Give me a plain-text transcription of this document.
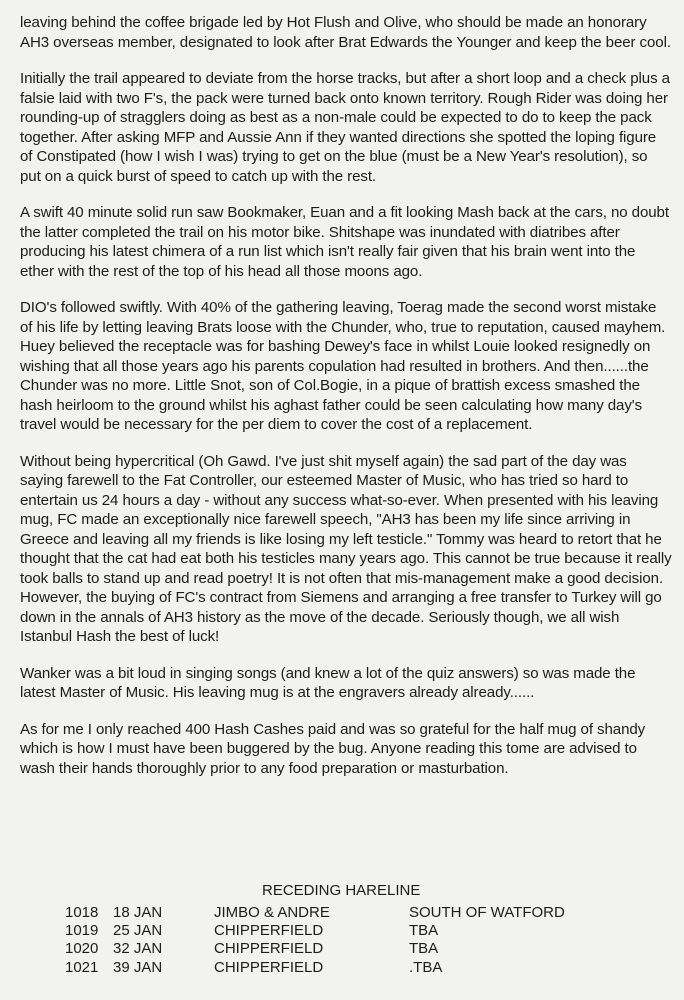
leaving behind the coffee brigade led by Hot Flush and Olive, who should be made an honorary AH3 overseas member, designated to look after Brat Edwards the Younger and keep the beer cool.

Initially the trail appeared to deviate from the horse tracks, but after a short loop and a check plus a falsie laid with two F's, the pack were turned back onto known territory. Rough Rider was doing her rounding-up of stragglers doing as best as a non-male could be expected to do to keep the pack together. After asking MFP and Aussie Ann if they wanted directions she spotted the loping figure of Constipated (how I wish I was) trying to get on the blue (must be a New Year's resolution), so put on a quick burst of speed to catch up with the rest.

A swift 40 minute solid run saw Bookmaker, Euan and a fit looking Mash back at the cars, no doubt the latter completed the trail on his motor bike. Shitshape was inundated with diatribes after producing his latest chimera of a run list which isn't really fair given that his brain went into the ether with the rest of the top of his head all those moons ago.

DIO's followed swiftly. With 40% of the gathering leaving, Toerag made the second worst mistake of his life by letting leaving Brats loose with the Chunder, who, true to reputation, caused mayhem. Huey believed the receptacle was for bashing Dewey's face in whilst Louie looked resignedly on wishing that all those years ago his parents copulation had resulted in brothers. And then......the Chunder was no more. Little Snot, son of Col.Bogie, in a pique of brattish excess smashed the hash heirloom to the ground whilst his aghast father could be seen calculating how many day's travel would be necessary for the per diem to cover the cost of a replacement.

Without being hypercritical (Oh Gawd. I've just shit myself again) the sad part of the day was saying farewell to the Fat Controller, our esteemed Master of Music, who has tried so hard to entertain us 24 hours a day - without any success what-so-ever. When presented with his leaving mug, FC made an exceptionally nice farewell speech, "AH3 has been my life since arriving in Greece and leaving all my friends is like losing my left testicle." Tommy was heard to retort that he thought that the cat had eat both his testicles many years ago. This cannot be true because it really took balls to stand up and read poetry! It is not often that mis-management make a good decision. However, the buying of FC's contract from Siemens and arranging a free transfer to Turkey will go down in the annals of AH3 history as the move of the decade. Seriously though, we all wish Istanbul Hash the best of luck!

Wanker was a bit loud in singing songs (and knew a lot of the quiz answers) so was made the latest Master of Music. His leaving mug is at the engravers already already......

As for me I only reached 400 Hash Cashes paid and was so grateful for the half mug of shandy which is how I must have been buggered by the bug. Anyone reading this tome are advised to wash their hands thoroughly prior to any food preparation or masturbation.

RECEDING HARELINE
1018 18 JAN	JIMBO & ANDRE	SOUTH OF WATFORD
1019 25 JAN	CHIPPERFIELD	TBA
1020 32 JAN	CHIPPERFIELD	TBA
1021 39 JAN	CHIPPERFIELD	.TBA
